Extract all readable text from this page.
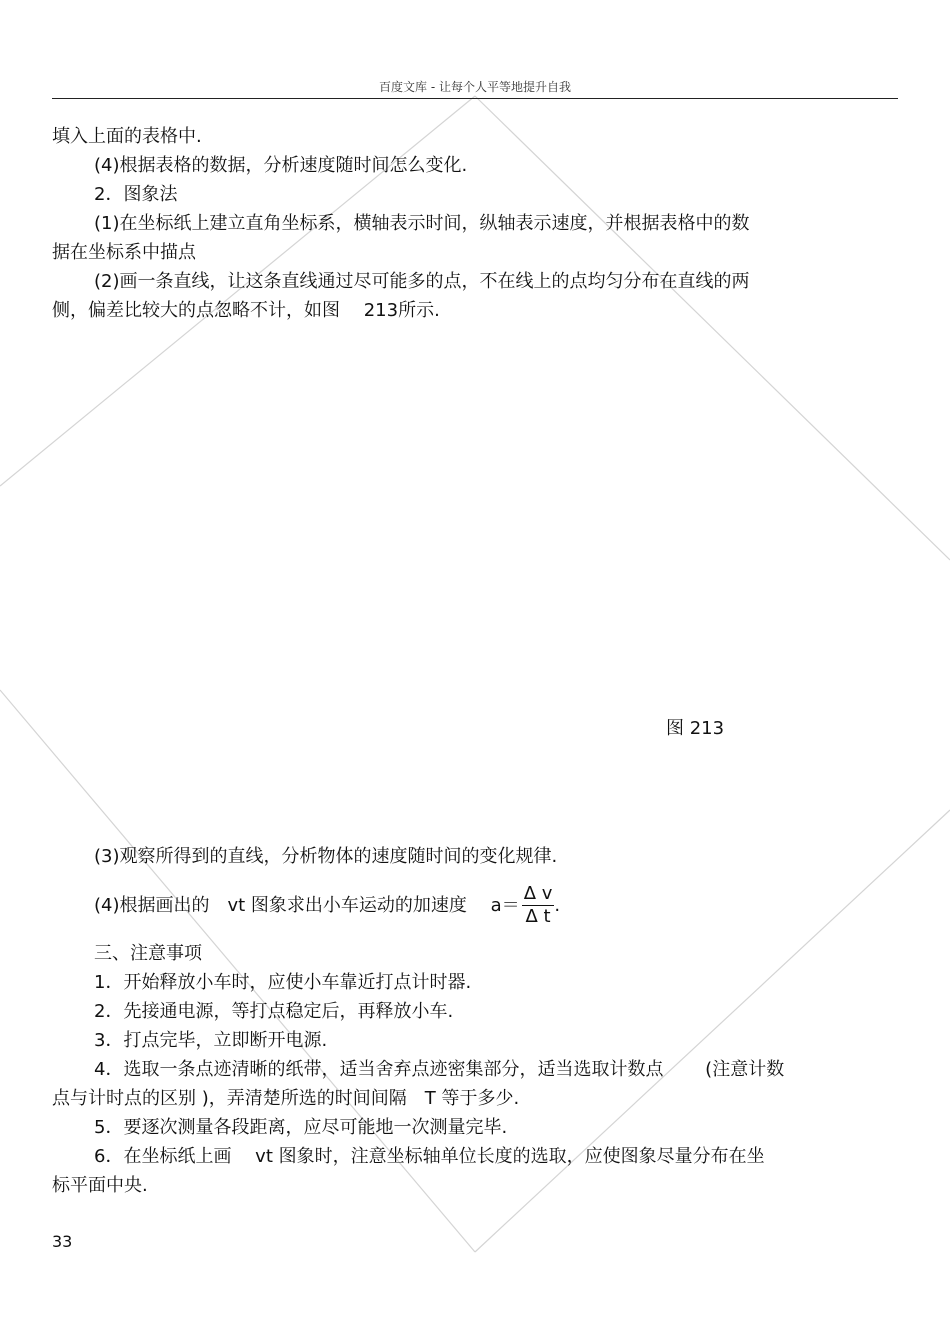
百度文库 - 让每个人平等地提升自我

填入上面的表格中.

(4)根据表格的数据，分析速度随时间怎么变化.

2．图象法

(1)在坐标纸上建立直角坐标系，横轴表示时间，纵轴表示速度，并根据表格中的数

据在坐标系中描点

(2)画一条直线，让这条直线通过尽可能多的点，不在线上的点均匀分布在直线的两

侧，偏差比较大的点忽略不计，如图　 213所示.

图 213

(3)观察所得到的直线，分析物体的速度随时间的变化规律.

(4)根据画出的　vt 图象求出小车运动的加速度　 $a= \frac{\text{Δ v}}{\text{Δ t}}$ .

三、注意事项

1．开始释放小车时，应使小车靠近打点计时器.

2．先接通电源，等打点稳定后，再释放小车.

3．打点完毕，立即断开电源.

4．选取一条点迹清晰的纸带，适当舍弃点迹密集部分，适当选取计数点　　 (注意计数

点与计时点的区别 )，弄清楚所选的时间间隔　T 等于多少.

5．要逐次测量各段距离，应尽可能地一次测量完毕.

6．在坐标纸上画　 vt 图象时，注意坐标轴单位长度的选取，应使图象尽量分布在坐

标平面中央.

33
